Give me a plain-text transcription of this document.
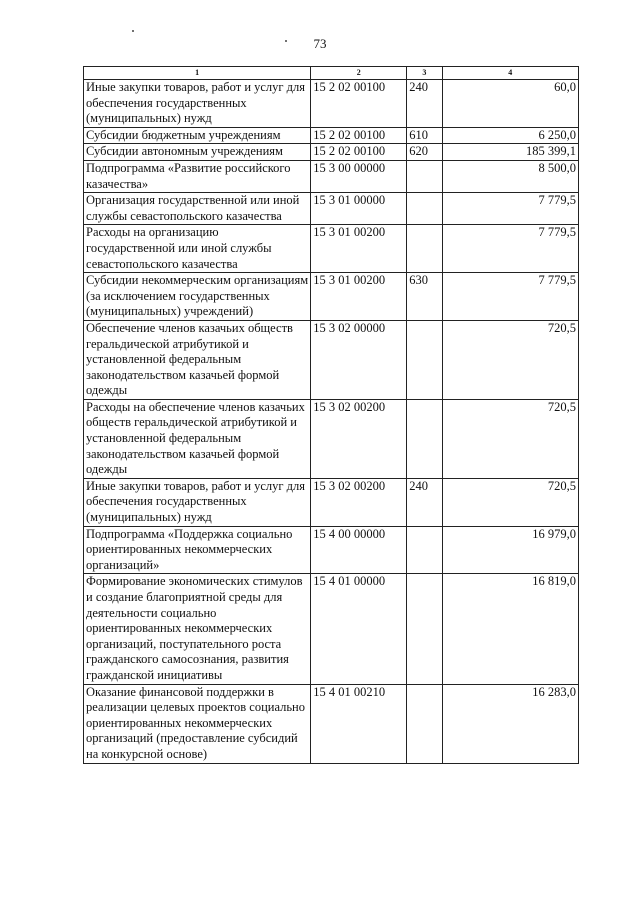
73
1	2	3	4
Иные закупки товаров, работ и услуг для обеспечения государственных (муниципальных) нужд	15 2 02 00100	240	60,0
Субсидии бюджетным учреждениям	15 2 02 00100	610	6 250,0
Субсидии автономным учреждениям	15 2 02 00100	620	185 399,1
Подпрограмма «Развитие российского казачества»	15 3 00 00000		8 500,0
Организация государственной или иной службы севастопольского казачества	15 3 01 00000		7 779,5
Расходы на организацию государственной или иной службы севастопольского казачества	15 3 01 00200		7 779,5
Субсидии некоммерческим организациям (за исключением государственных (муниципальных) учреждений)	15 3 01 00200	630	7 779,5
Обеспечение членов казачьих обществ геральдической атрибутикой и установленной федеральным законодательством казачьей формой одежды	15 3 02 00000		720,5
Расходы на обеспечение членов казачьих обществ геральдической атрибутикой и установленной федеральным законодательством казачьей формой одежды	15 3 02 00200		720,5
Иные закупки товаров, работ и услуг для обеспечения государственных (муниципальных) нужд	15 3 02 00200	240	720,5
Подпрограмма «Поддержка социально ориентированных некоммерческих организаций»	15 4 00 00000		16 979,0
Формирование экономических стимулов и создание благоприятной среды для деятельности социально ориентированных некоммерческих организаций, поступательного роста гражданского самосознания, развития гражданской инициативы	15 4 01 00000		16 819,0
Оказание финансовой поддержки в реализации целевых проектов социально ориентированных некоммерческих организаций (предоставление субсидий на конкурсной основе)	15 4 01 00210		16 283,0
